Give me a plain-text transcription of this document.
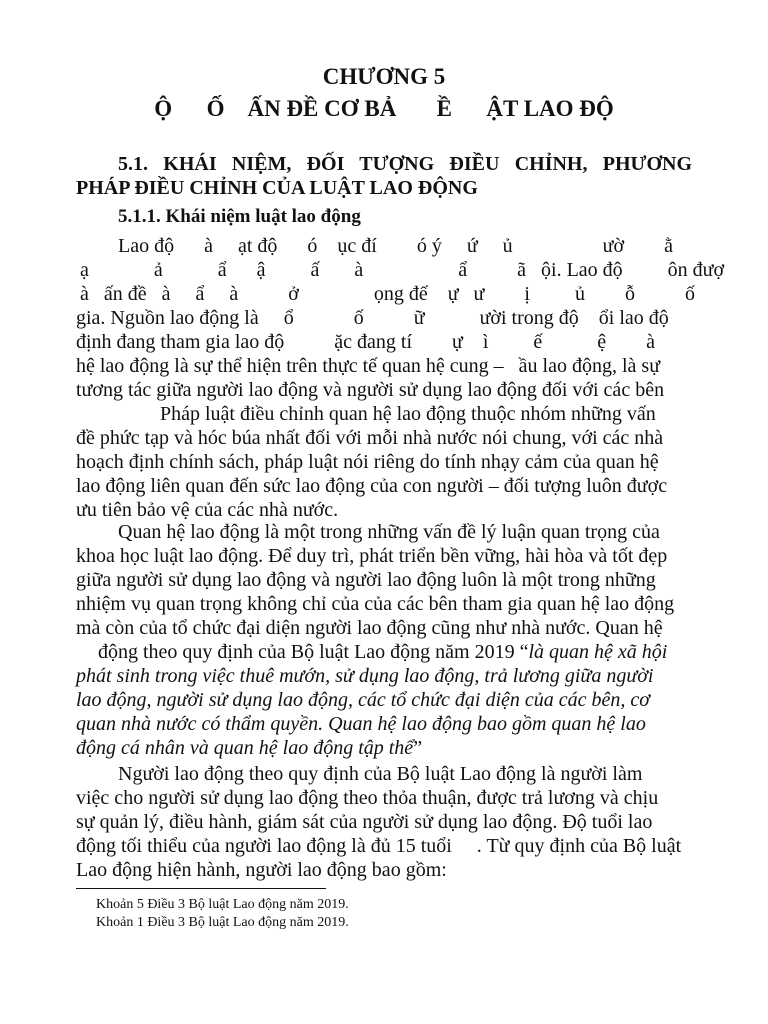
CHƯƠNG 5
Ộ      Ố    ẤN ĐỀ CƠ BẢ       Ề      ẬT LAO ĐỘ
5.1. KHÁI NIỆM, ĐỐI TƯỢNG ĐIỀU CHỈNH, PHƯƠNG
PHÁP ĐIỀU CHỈNH CỦA LUẬT LAO ĐỘNG
5.1.1. Khái niệm luật lao động
Lao độ      à     ạt độ      ó    ục đí        ó ý     ứ     ủ                  ườ        ằ
ạ             ả           ẩ      ậ         ấ       à                   ẩ          ã   ội. Lao độ         ôn đượ
à   ấn đề   à     ẩ     à          ở               ọng đế    ự   ư        ị         ủ        ỗ          ố
gia. Nguồn lao động là     ổ            ố          ữ           ười trong độ    ổi lao độ
định đang tham gia lao độ          ặc đang tí        ự    ì         ế           ệ        à
hệ lao động là sự thể hiện trên thực tế quan hệ cung –   ầu lao động, là sự
tương tác giữa người lao động và người sử dụng lao động đối với các bên
Pháp luật điều chỉnh quan hệ lao động thuộc nhóm những vấn
đề phức tạp và hóc búa nhất đối với mỗi nhà nước nói chung, với các nhà
hoạch định chính sách, pháp luật nói riêng do tính nhạy cảm của quan hệ
lao động liên quan đến sức lao động của con người – đối tượng luôn được
ưu tiên bảo vệ của các nhà nước.
Quan hệ lao động là một trong những vấn đề lý luận quan trọng của
khoa học luật lao động. Để duy trì, phát triển bền vững, hài hòa và tốt đẹp
giữa người sử dụng lao động và người lao động luôn là một trong những
nhiệm vụ quan trọng không chỉ của của các bên tham gia quan hệ lao động
mà còn của tổ chức đại diện người lao động cũng như nhà nước. Quan hệ
động theo quy định của Bộ luật Lao động năm 2019 “là quan hệ xã hội
phát sinh trong việc thuê mướn, sử dụng lao động, trả lương giữa người
lao động, người sử dụng lao động, các tổ chức đại diện của các bên, cơ
quan nhà nước có thẩm quyền. Quan hệ lao động bao gồm quan hệ lao
động cá nhân và quan hệ lao động tập thể”
Người lao động theo quy định của Bộ luật Lao động là người làm
việc cho người sử dụng lao động theo thỏa thuận, được trả lương và chịu
sự quản lý, điều hành, giám sát của người sử dụng lao động. Độ tuổi lao
động tối thiểu của người lao động là đủ 15 tuổi     . Từ quy định của Bộ luật
Lao động hiện hành, người lao động bao gồm:
Khoản 5 Điều 3 Bộ luật Lao động năm 2019.
Khoản 1 Điều 3 Bộ luật Lao động năm 2019.
